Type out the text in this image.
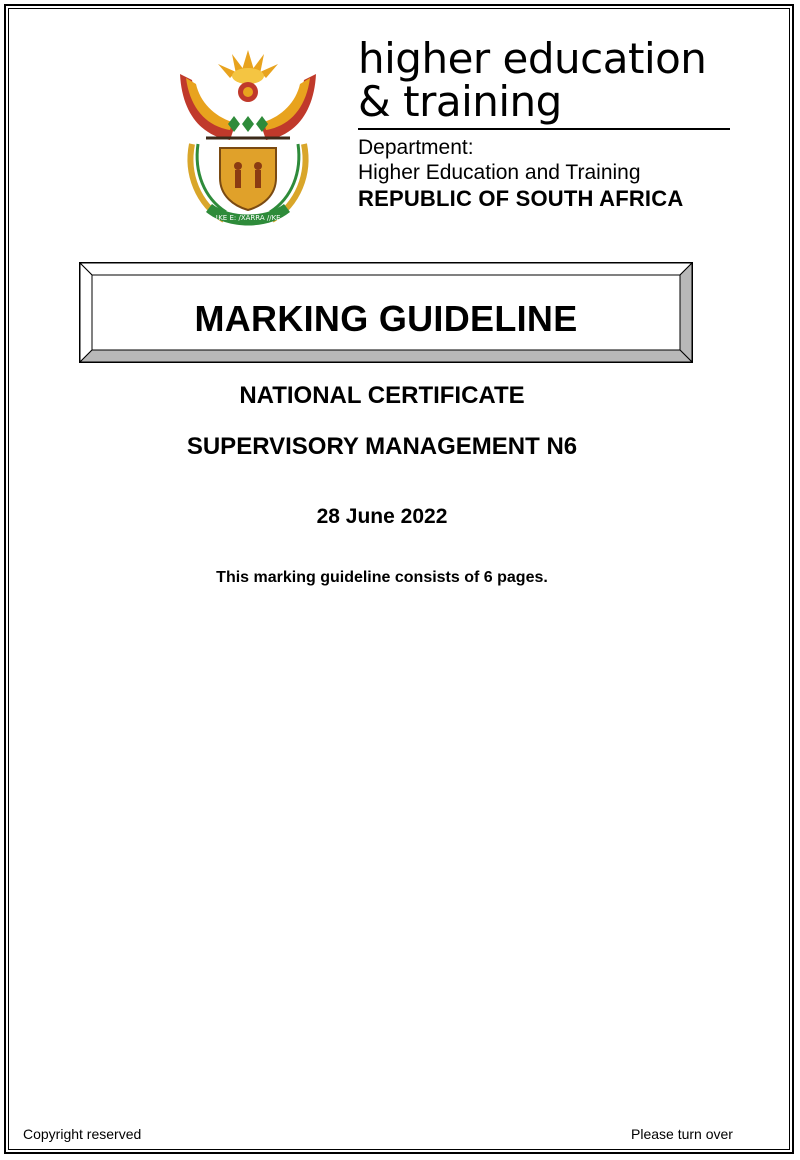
!KE E: /XARRA //KE
higher education
& training
Department:
Higher Education and Training
REPUBLIC OF SOUTH AFRICA
MARKING GUIDELINE
NATIONAL CERTIFICATE
SUPERVISORY MANAGEMENT N6
28 June 2022
This marking guideline consists of 6 pages.
Copyright reserved	Please turn over
